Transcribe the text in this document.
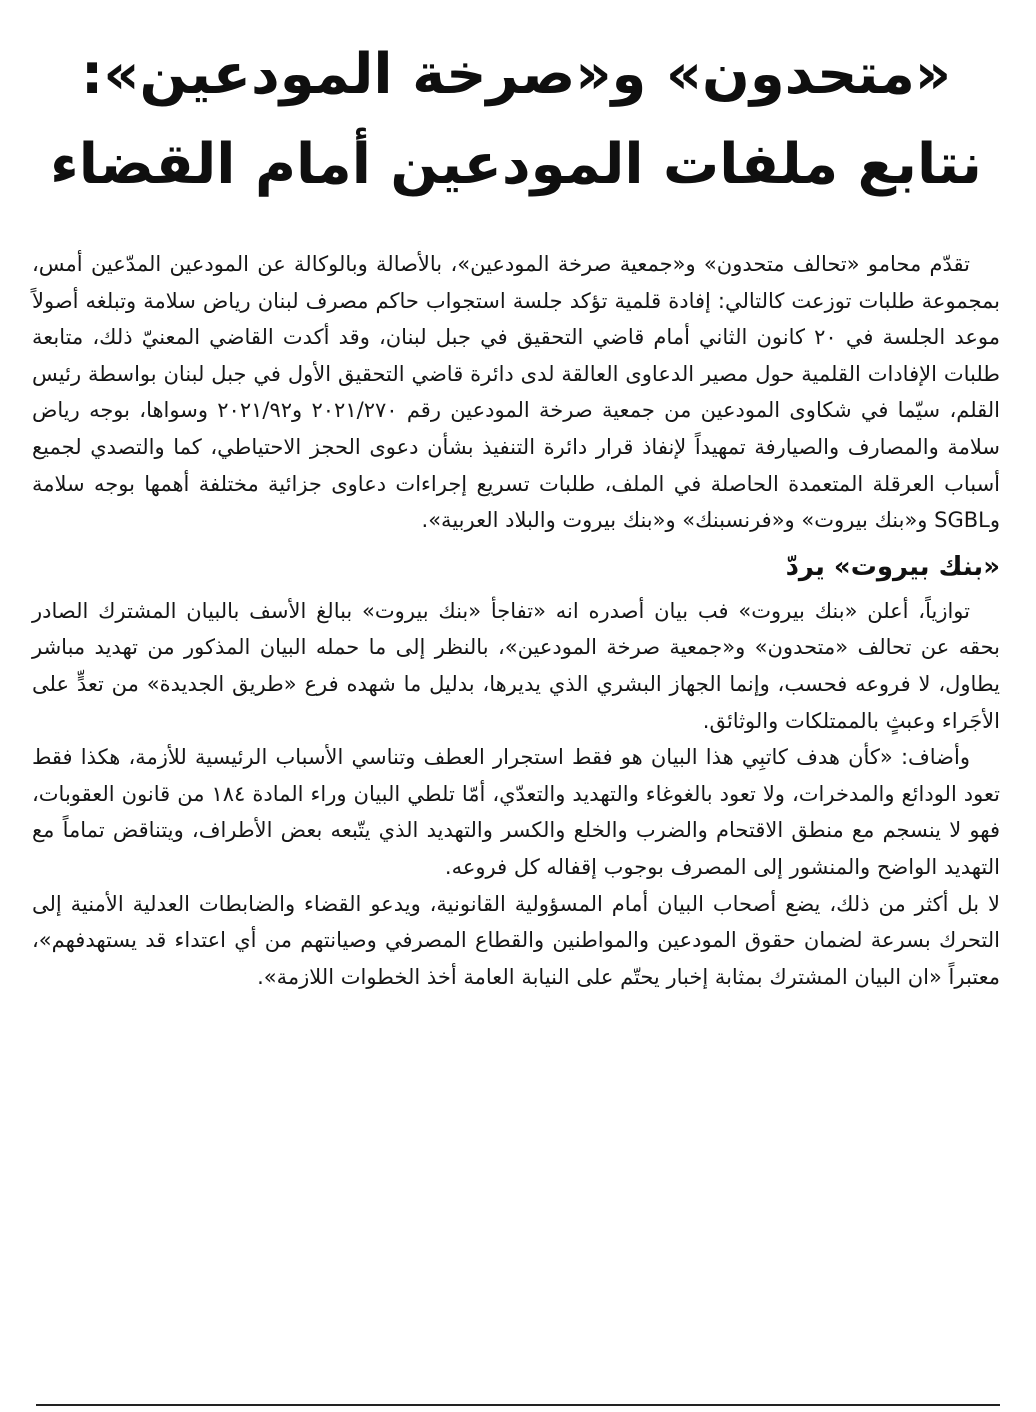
«متحدون» و«صرخة المودعين»:
نتابع ملفات المودعين أمام القضاء

تقدّم محامو «تحالف متحدون» و«جمعية صرخة المودعين»، بالأصالة وبالوكالة عن المودعين المدّعين أمس، بمجموعة طلبات توزعت كالتالي: إفادة قلمية تؤكد جلسة استجواب حاكم مصرف لبنان رياض سلامة وتبلغه أصولاً موعد الجلسة في ٢٠ كانون الثاني أمام قاضي التحقيق في جبل لبنان، وقد أكدت القاضي المعنيّ ذلك، متابعة طلبات الإفادات القلمية حول مصير الدعاوى العالقة لدى دائرة قاضي التحقيق الأول في جبل لبنان بواسطة رئيس القلم، سيّما في شكاوى المودعين من جمعية صرخة المودعين رقم ٢٠٢١/٢٧٠ و٢٠٢١/٩٢ وسواها، بوجه رياض سلامة والمصارف والصيارفة تمهيداً لإنفاذ قرار دائرة التنفيذ بشأن دعوى الحجز الاحتياطي، كما والتصدي لجميع أسباب العرقلة المتعمدة الحاصلة في الملف، طلبات تسريع إجراءات دعاوى جزائية مختلفة أهمها بوجه سلامة وSGBL و«بنك بيروت» و«فرنسبنك» و«بنك بيروت والبلاد العربية».

«بنك بيروت» يردّ

توازياً، أعلن «بنك بيروت» فب بيان أصدره انه «تفاجأ «بنك بيروت» ببالغ الأسف بالبيان المشترك الصادر بحقه عن تحالف «متحدون» و«جمعية صرخة المودعين»، بالنظر إلى ما حمله البيان المذكور من تهديد مباشر يطاول، لا فروعه فحسب، وإنما الجهاز البشري الذي يديرها، بدليل ما شهده فرع «طريق الجديدة» من تعدٍّ على الأجَراء وعبثٍ بالممتلكات والوثائق.

وأضاف: «كأن هدف كاتبِي هذا البيان هو فقط استجرار العطف وتناسي الأسباب الرئيسية للأزمة، هكذا فقط تعود الودائع والمدخرات، ولا تعود بالغوغاء والتهديد والتعدّي، أمّا تلطي البيان وراء المادة ١٨٤ من قانون العقوبات، فهو لا ينسجم مع منطق الاقتحام والضرب والخلع والكسر والتهديد الذي يتّبعه بعض الأطراف، ويتناقض تماماً مع التهديد الواضح والمنشور إلى المصرف بوجوب إقفاله كل فروعه.

لا بل أكثر من ذلك، يضع أصحاب البيان أمام المسؤولية القانونية، ويدعو القضاء والضابطات العدلية الأمنية إلى التحرك بسرعة لضمان حقوق المودعين والمواطنين والقطاع المصرفي وصيانتهم من أي اعتداء قد يستهدفهم»، معتبراً «ان البيان المشترك بمثابة إخبار يحتّم على النيابة العامة أخذ الخطوات اللازمة».
